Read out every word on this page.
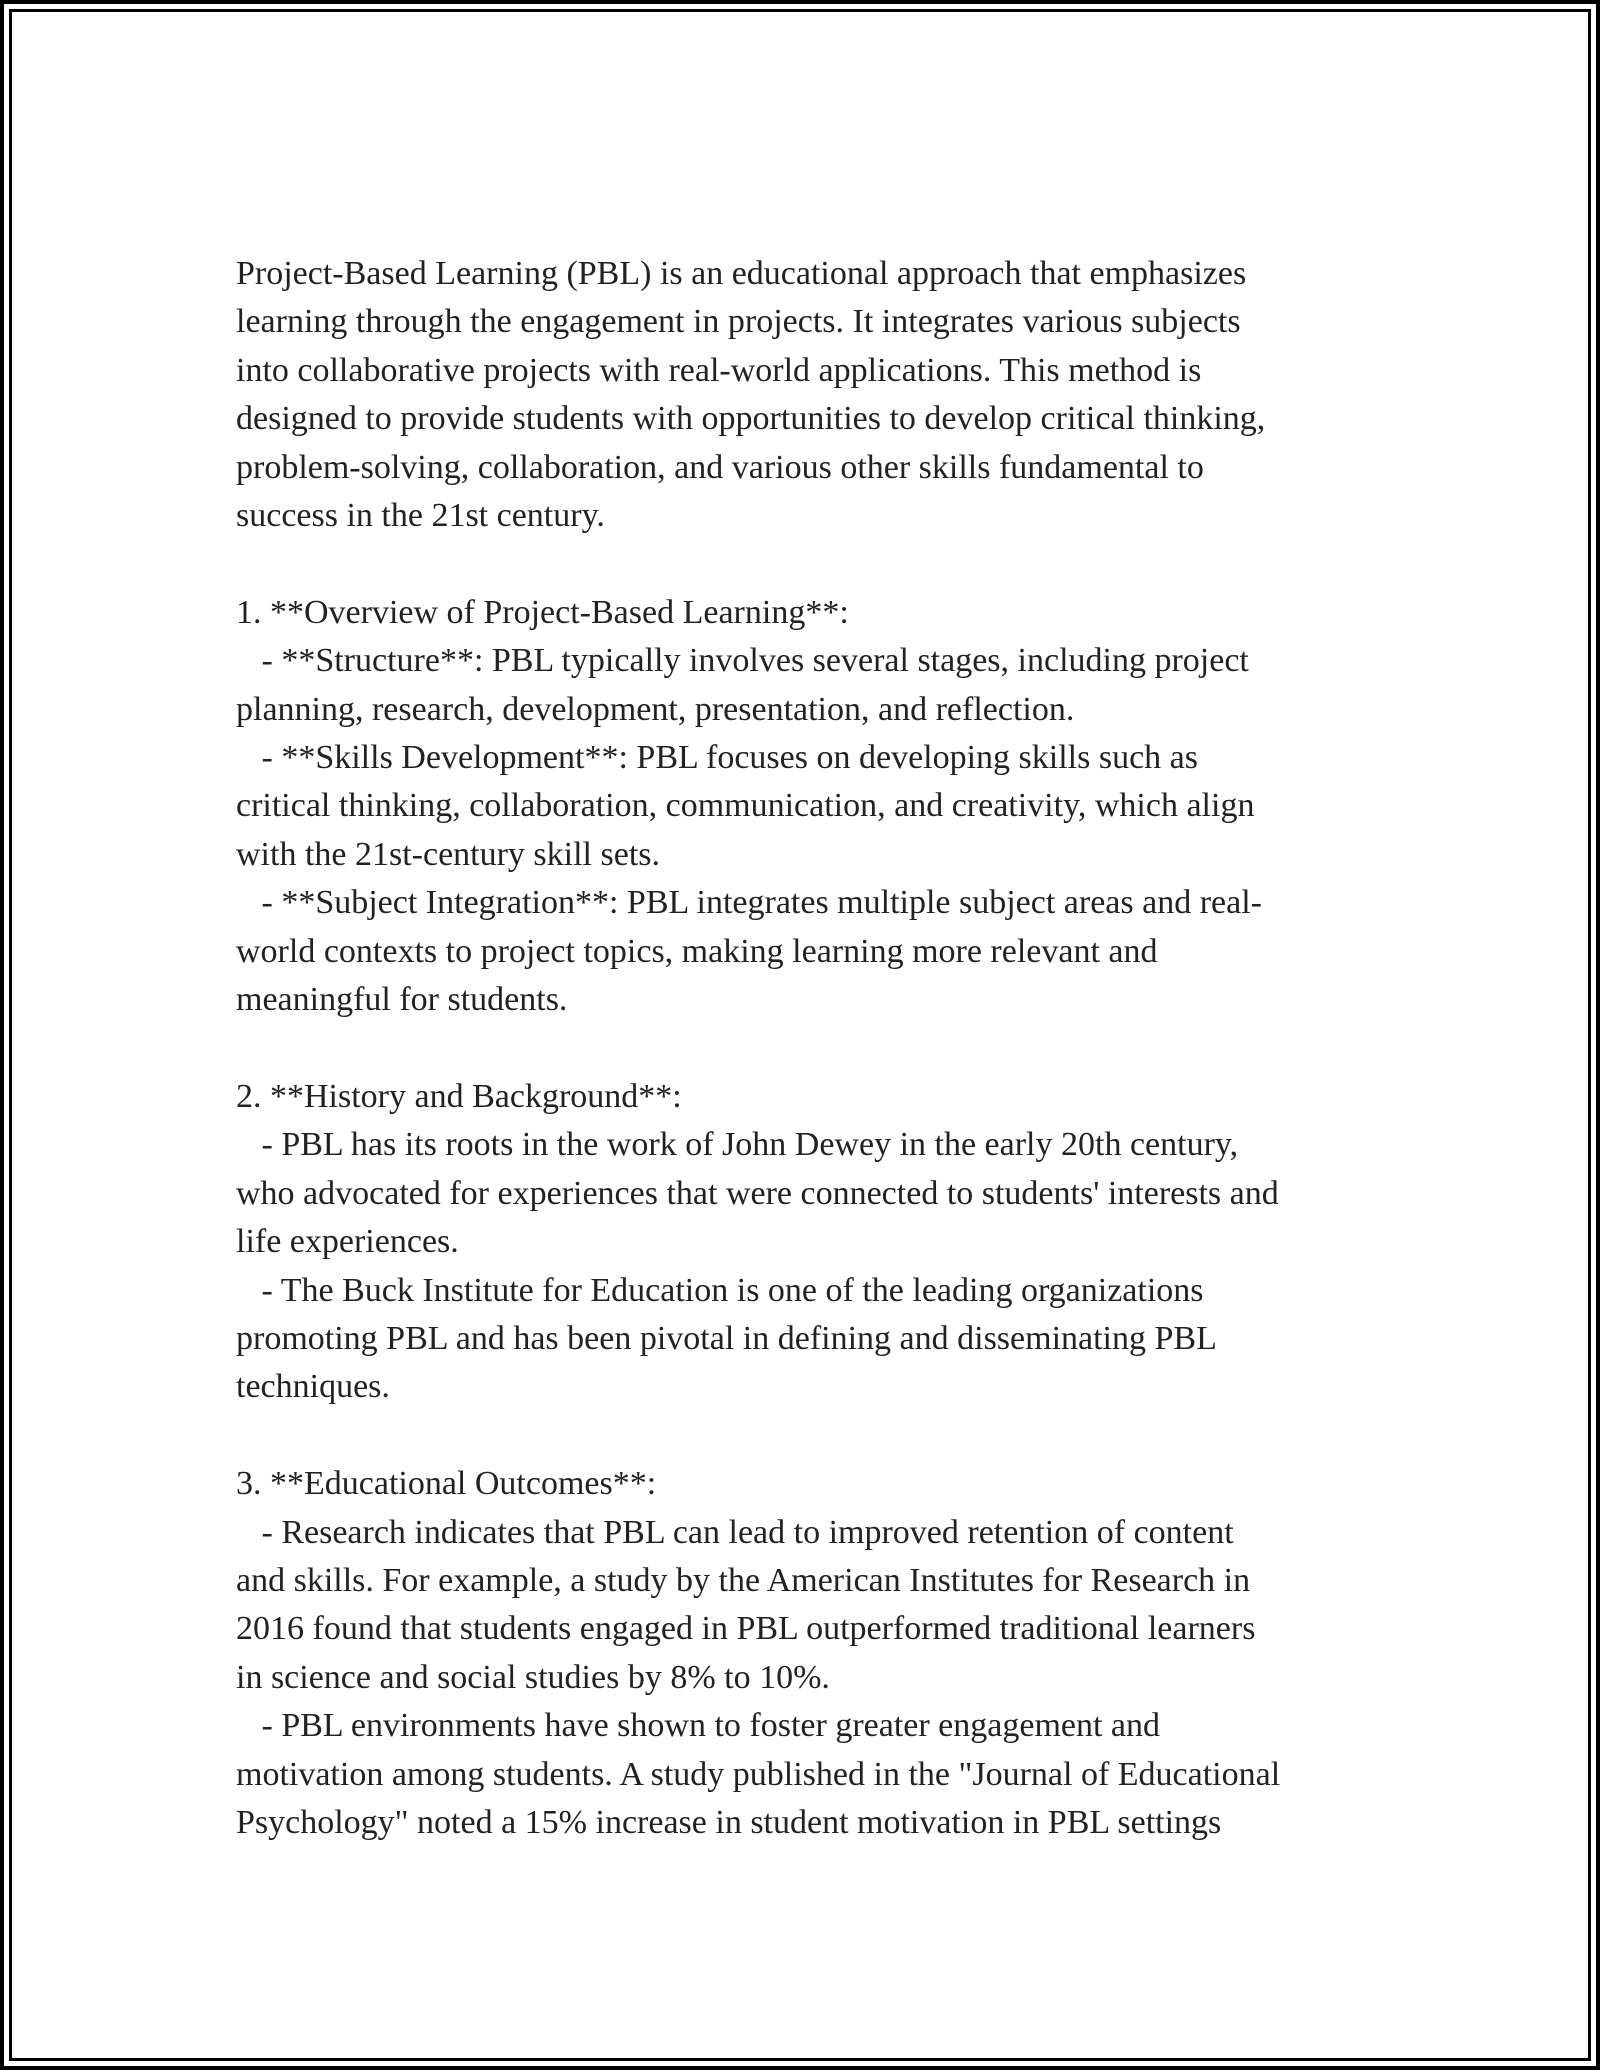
Project-Based Learning (PBL) is an educational approach that emphasizes

learning through the engagement in projects. It integrates various subjects

into collaborative projects with real-world applications. This method is

designed to provide students with opportunities to develop critical thinking,

problem-solving, collaboration, and various other skills fundamental to

success in the 21st century.

1. **Overview of Project-Based Learning**:

- **Structure**: PBL typically involves several stages, including project

planning, research, development, presentation, and reflection.

- **Skills Development**: PBL focuses on developing skills such as

critical thinking, collaboration, communication, and creativity, which align

with the 21st-century skill sets.

- **Subject Integration**: PBL integrates multiple subject areas and real-

world contexts to project topics, making learning more relevant and

meaningful for students.

2. **History and Background**:

- PBL has its roots in the work of John Dewey in the early 20th century,

who advocated for experiences that were connected to students' interests and

life experiences.

- The Buck Institute for Education is one of the leading organizations

promoting PBL and has been pivotal in defining and disseminating PBL

techniques.

3. **Educational Outcomes**:

- Research indicates that PBL can lead to improved retention of content

and skills. For example, a study by the American Institutes for Research in

2016 found that students engaged in PBL outperformed traditional learners

in science and social studies by 8% to 10%.

- PBL environments have shown to foster greater engagement and

motivation among students. A study published in the "Journal of Educational

Psychology" noted a 15% increase in student motivation in PBL settings
